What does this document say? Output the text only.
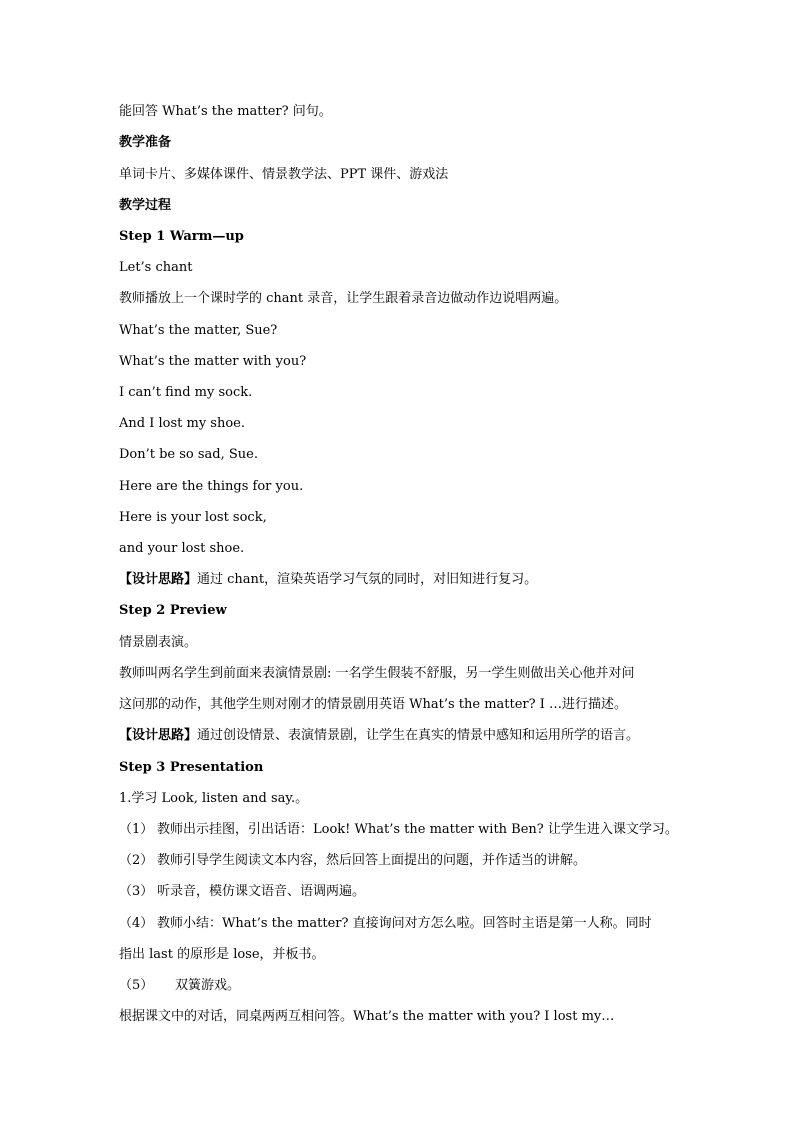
能回答 What’s the matter? 问句。
教学准备
单词卡片、多媒体课件、情景教学法、PPT 课件、游戏法
教学过程
Step 1 Warm—up
Let’s chant
教师播放上一个课时学的 chant 录音，让学生跟着录音边做动作边说唱两遍。
What’s the matter, Sue?
What’s the matter with you?
I can’t find my sock.
And I lost my shoe.
Don’t be so sad, Sue.
Here are the things for you.
Here is your lost sock,
and your lost shoe.
【设计思路】通过 chant，渲染英语学习气氛的同时，对旧知进行复习。
Step 2 Preview
情景剧表演。
教师叫两名学生到前面来表演情景剧: 一名学生假装不舒服，另一学生则做出关心他并对问
这问那的动作，其他学生则对刚才的情景剧用英语 What’s the matter? I …进行描述。
【设计思路】通过创设情景、表演情景剧，让学生在真实的情景中感知和运用所学的语言。
Step 3 Presentation
1.学习 Look, listen and say.。
（1） 教师出示挂图，引出话语：Look! What’s the matter with Ben? 让学生进入课文学习。
（2） 教师引导学生阅读文本内容，然后回答上面提出的问题，并作适当的讲解。
（3） 听录音，模仿课文语音、语调两遍。
（4） 教师小结：What’s the matter? 直接询问对方怎么啦。回答时主语是第一人称。同时
指出 last 的原形是 lose，并板书。
（5） 双簧游戏。
根据课文中的对话，同桌两两互相问答。What’s the matter with you? I lost my…
